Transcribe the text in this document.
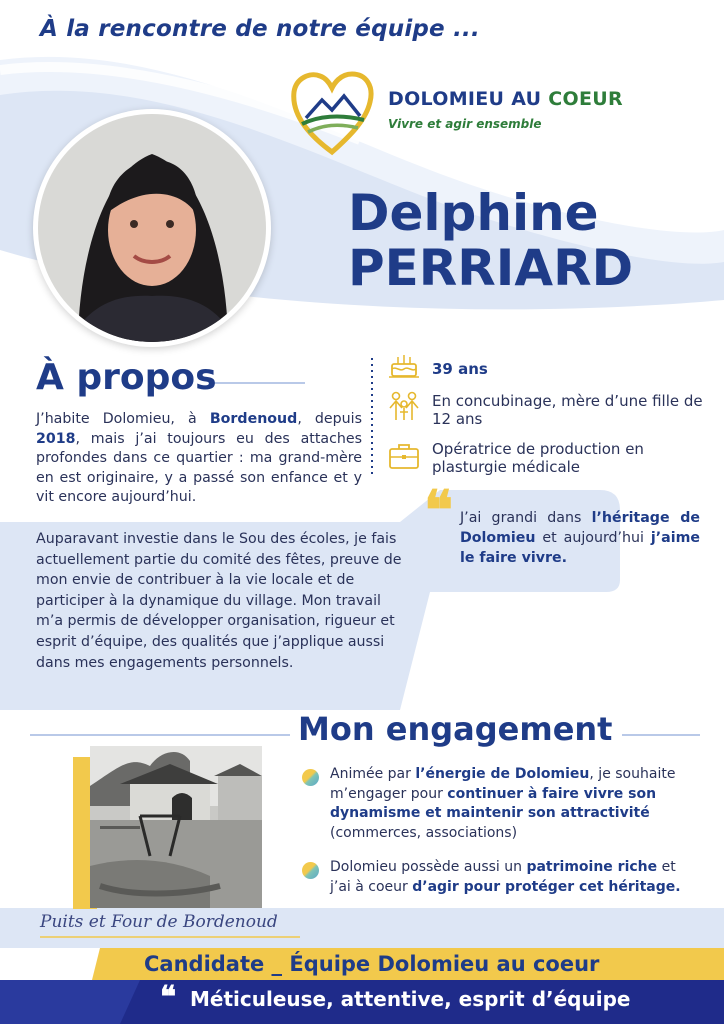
À la rencontre de notre équipe ...
DOLOMIEU AU COEUR
Vivre et agir ensemble
Delphine
PERRIARD
À propos
J’habite Dolomieu, à Bordenoud, depuis 2018, mais j’ai toujours eu des attaches profondes dans ce quartier : ma grand-mère en est originaire, y a passé son enfance et y vit encore aujourd’hui.
39 ans
En concubinage, mère d’une fille de 12 ans
Opératrice de production en plasturgie médicale
❝ J’ai grandi dans l’héritage de Dolomieu et aujourd’hui j’aime le faire vivre.
Auparavant investie dans le Sou des écoles, je fais actuellement partie du comité des fêtes, preuve de mon envie de contribuer à la vie locale et de participer à la dynamique du village. Mon travail m’a permis de développer organisation, rigueur et esprit d’équipe, des qualités que j’applique aussi dans mes engagements personnels.
Mon engagement
Animée par l’énergie de Dolomieu, je souhaite m’engager pour continuer à faire vivre son dynamisme et maintenir son attractivité (commerces, associations)
Dolomieu possède aussi un patrimoine riche et j’ai à coeur d’agir pour protéger cet héritage.
Puits et Four de Bordenoud
Candidate _ Équipe Dolomieu au coeur
❝ Méticuleuse, attentive, esprit d’équipe
